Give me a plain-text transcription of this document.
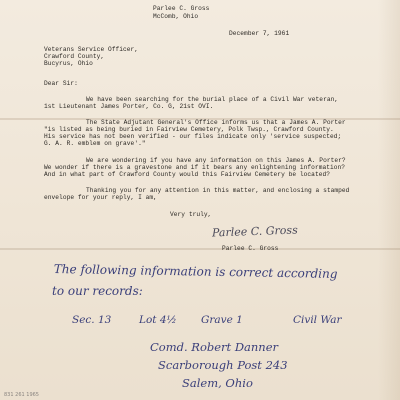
Parlee C. Gross
McComb, Ohio
December 7, 1961
Veterans Service Officer,
Crawford County,
Bucyrus, Ohio
Dear Sir:
We have been searching for the burial place of a Civil War veteran,
1st Lieutenant James Porter, Co. G, 21st OVI.
The State Adjutant General's Office informs us that a James A. Porter
"is listed as being buried in Fairview Cemetery, Polk Twsp., Crawford County.
His service has not been verified - our files indicate only 'service suspected;
G. A. R. emblem on grave'."
We are wondering if you have any information on this James A. Porter?
We wonder if there is a gravestone and if it bears any enlightening information?
And in what part of Crawford County would this Fairview Cemetery be located?
Thanking you for any attention in this matter, and enclosing a stamped
envelope for your reply, I am,
Very truly,
Parlee C. Gross
Parlee C. Gross
The following information is correct according
to our records:
Sec. 13	Lot 4½ Grave 1	Civil War
Comd. Robert Danner
Scarborough Post 243
Salem, Ohio
831 261 1965
